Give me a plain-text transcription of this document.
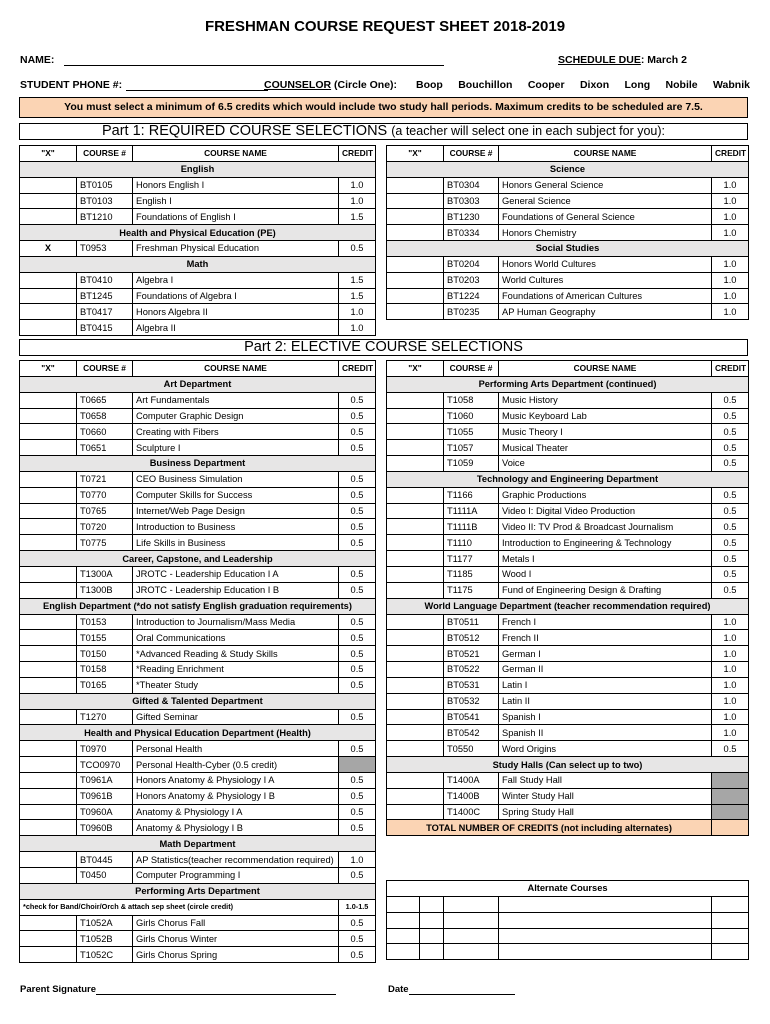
FRESHMAN COURSE REQUEST SHEET 2018-2019
NAME:	SCHEDULE DUE: March 2
STUDENT PHONE #:	COUNSELOR (Circle One): Boop Bouchillon Cooper Dixon Long Nobile Wabnik
You must select a minimum of 6.5 credits which would include two study hall periods. Maximum credits to be scheduled are 7.5.
Part 1: REQUIRED COURSE SELECTIONS (a teacher will select one in each subject for you):
"X"	COURSE #	COURSE NAME	CREDIT
English			
	BT0105	Honors English I	1.0
	BT0103	English I	1.0
	BT1210	Foundations of English I	1.5
Health and Physical Education (PE)			
X	T0953	Freshman Physical Education	0.5
Math			
	BT0410	Algebra I	1.5
	BT1245	Foundations of Algebra I	1.5
	BT0417	Honors Algebra II	1.0
	BT0415	Algebra II	1.0
"X"	COURSE #	COURSE NAME	CREDIT
Science			
	BT0304	Honors General Science	1.0
	BT0303	General Science	1.0
	BT1230	Foundations of General Science	1.0
	BT0334	Honors Chemistry	1.0
Social Studies			
	BT0204	Honors World Cultures	1.0
	BT0203	World Cultures	1.0
	BT1224	Foundations of American Cultures	1.0
	BT0235	AP Human Geography	1.0
Part 2: ELECTIVE COURSE SELECTIONS
"X"	COURSE #	COURSE NAME	CREDIT
Art Department			
	T0665	Art Fundamentals	0.5
	T0658	Computer Graphic Design	0.5
	T0660	Creating with Fibers	0.5
	T0651	Sculpture I	0.5
Business Department			
	T0721	CEO Business Simulation	0.5
	T0770	Computer Skills for Success	0.5
	T0765	Internet/Web Page Design	0.5
	T0720	Introduction to Business	0.5
	T0775	Life Skills in Business	0.5
Career, Capstone, and Leadership			
	T1300A	JROTC - Leadership Education I A	0.5
	T1300B	JROTC - Leadership Education I B	0.5
English Department (*do not satisfy English graduation requirements)			
	T0153	Introduction to Journalism/Mass Media	0.5
	T0155	Oral Communications	0.5
	T0150	*Advanced Reading & Study Skills	0.5
	T0158	*Reading Enrichment	0.5
	T0165	*Theater Study	0.5
Gifted & Talented Department			
	T1270	Gifted Seminar	0.5
Health and Physical Education Department (Health)			
	T0970	Personal Health	0.5
	TCO0970	Personal Health-Cyber (0.5 credit)	
	T0961A	Honors Anatomy & Physiology I A	0.5
	T0961B	Honors Anatomy & Physiology I B	0.5
	T0960A	Anatomy & Physiology I A	0.5
	T0960B	Anatomy & Physiology I B	0.5
Math Department			
	BT0445	AP Statistics(teacher recommendation required)	1.0
	T0450	Computer Programming I	0.5
Performing Arts Department			
*check for Band/Choir/Orch & attach sep sheet (circle credit)			1.0-1.5
	T1052A	Girls Chorus Fall	0.5
	T1052B	Girls Chorus Winter	0.5
	T1052C	Girls Chorus Spring	0.5
"X"	COURSE #	COURSE NAME	CREDIT
Performing Arts Department (continued)			
	T1058	Music History	0.5
	T1060	Music Keyboard Lab	0.5
	T1055	Music Theory I	0.5
	T1057	Musical Theater	0.5
	T1059	Voice	0.5
Technology and Engineering Department			
	T1166	Graphic Productions	0.5
	T1111A	Video I: Digital Video Production	0.5
	T1111B	Video II: TV Prod & Broadcast Journalism	0.5
	T1110	Introduction to Engineering & Technology	0.5
	T1177	Metals I	0.5
	T1185	Wood I	0.5
	T1175	Fund of Engineering Design & Drafting	0.5
World Language Department (teacher recommendation required)			
	BT0511	French I	1.0
	BT0512	French II	1.0
	BT0521	German I	1.0
	BT0522	German II	1.0
	BT0531	Latin I	1.0
	BT0532	Latin II	1.0
	BT0541	Spanish I	1.0
	BT0542	Spanish II	1.0
	T0550	Word Origins	0.5
Study Halls (Can select up to two)			
	T1400A	Fall Study Hall	
	T1400B	Winter Study Hall	
	T1400C	Spring Study Hall	
TOTAL NUMBER OF CREDITS (not including alternates)			
Alternate Courses				

Parent Signature	Date
